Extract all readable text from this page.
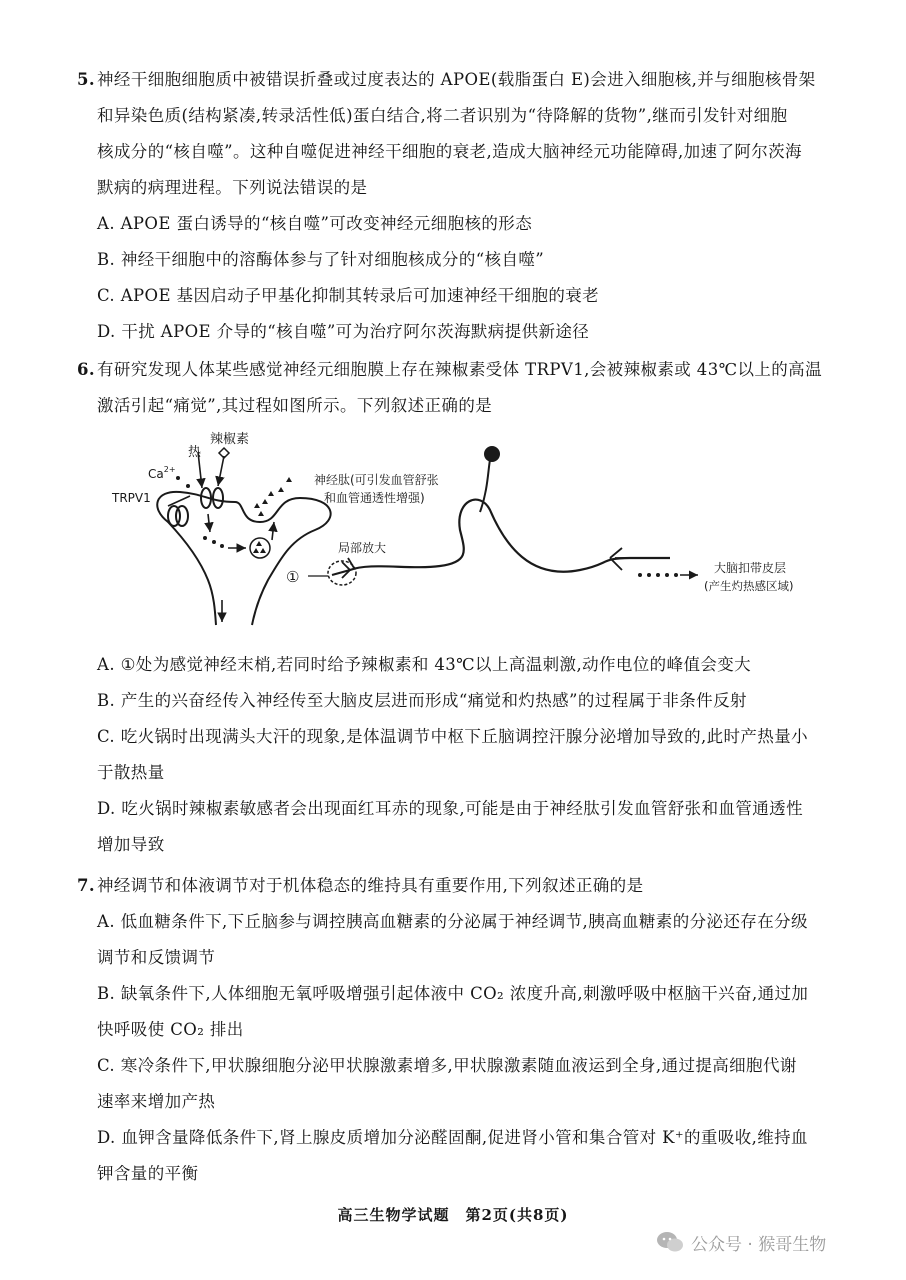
5. 神经干细胞细胞质中被错误折叠或过度表达的 APOE(载脂蛋白 E)会进入细胞核,并与细胞核骨架
和异染色质(结构紧凑,转录活性低)蛋白结合,将二者识别为“待降解的货物”,继而引发针对细胞
核成分的“核自噬”。这种自噬促进神经干细胞的衰老,造成大脑神经元功能障碍,加速了阿尔茨海
默病的病理进程。下列说法错误的是
A. APOE 蛋白诱导的“核自噬”可改变神经元细胞核的形态
B. 神经干细胞中的溶酶体参与了针对细胞核成分的“核自噬”
C. APOE 基因启动子甲基化抑制其转录后可加速神经干细胞的衰老
D. 干扰 APOE 介导的“核自噬”可为治疗阿尔茨海默病提供新途径
6. 有研究发现人体某些感觉神经元细胞膜上存在辣椒素受体 TRPV1,会被辣椒素或 43℃以上的高温
激活引起“痛觉”,其过程如图所示。下列叙述正确的是
热
辣椒素
$Ca^{2+}$
TRPV1
神经肽(可引发血管舒张
和血管通透性增强)
局部放大
①	大脑扣带皮层
(产生灼热感区域)
A. ①处为感觉神经末梢,若同时给予辣椒素和 43℃以上高温刺激,动作电位的峰值会变大
B. 产生的兴奋经传入神经传至大脑皮层进而形成“痛觉和灼热感”的过程属于非条件反射
C. 吃火锅时出现满头大汗的现象,是体温调节中枢下丘脑调控汗腺分泌增加导致的,此时产热量小
于散热量
D. 吃火锅时辣椒素敏感者会出现面红耳赤的现象,可能是由于神经肽引发血管舒张和血管通透性
增加导致
7. 神经调节和体液调节对于机体稳态的维持具有重要作用,下列叙述正确的是
A. 低血糖条件下,下丘脑参与调控胰高血糖素的分泌属于神经调节,胰高血糖素的分泌还存在分级
调节和反馈调节
B. 缺氧条件下,人体细胞无氧呼吸增强引起体液中 CO₂ 浓度升高,刺激呼吸中枢脑干兴奋,通过加
快呼吸使 CO₂ 排出
C. 寒冷条件下,甲状腺细胞分泌甲状腺激素增多,甲状腺激素随血液运到全身,通过提高细胞代谢
速率来增加产热
D. 血钾含量降低条件下,肾上腺皮质增加分泌醛固酮,促进肾小管和集合管对 K⁺的重吸收,维持血
钾含量的平衡
高三生物学试题　第2页(共8页)
公众号 · 猴哥生物
